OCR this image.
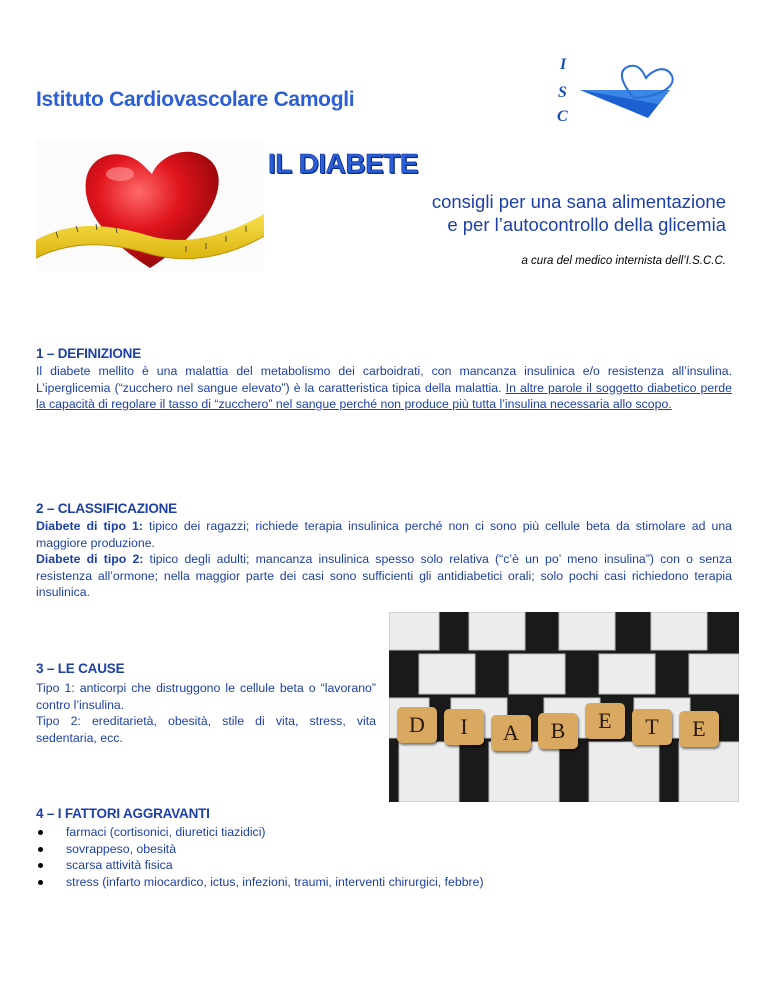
Istituto Cardiovascolare Camogli
I
S
C
IL DIABETE
consigli per una sana alimentazione
e per l’autocontrollo della glicemia
a cura del medico internista dell’I.S.C.C.
1 – DEFINIZIONE
Il diabete mellito è una malattia del metabolismo dei carboidrati, con mancanza insulinica e/o resistenza all’insulina. L’iperglicemia (“zucchero nel sangue elevato”) è la caratteristica tipica della malattia. In altre parole il soggetto diabetico perde la capacità di regolare il tasso di “zucchero” nel sangue perché non produce più tutta l’insulina necessaria allo scopo.
2 – CLASSIFICAZIONE
Diabete di tipo 1: tipico dei ragazzi; richiede terapia insulinica perché non ci sono più cellule beta da stimolare ad una maggiore produzione.
Diabete di tipo 2: tipico degli adulti; mancanza insulinica spesso solo relativa (“c’è un po’ meno insulina”) con o senza resistenza all’ormone; nella maggior parte dei casi sono sufficienti gli antidiabetici orali; solo pochi casi richiedono terapia insulinica.
3 – LE CAUSE
Tipo 1: anticorpi che distruggono le cellule beta o “lavorano” contro l’insulina.
Tipo 2: ereditarietà, obesità, stile di vita, stress, vita sedentaria, ecc.
D	I	A	B	E	T	E
4 – I FATTORI AGGRAVANTI
farmaci (cortisonici, diuretici tiazidici)
sovrappeso, obesità
scarsa attività fisica
stress (infarto miocardico, ictus, infezioni, traumi, interventi chirurgici, febbre)
